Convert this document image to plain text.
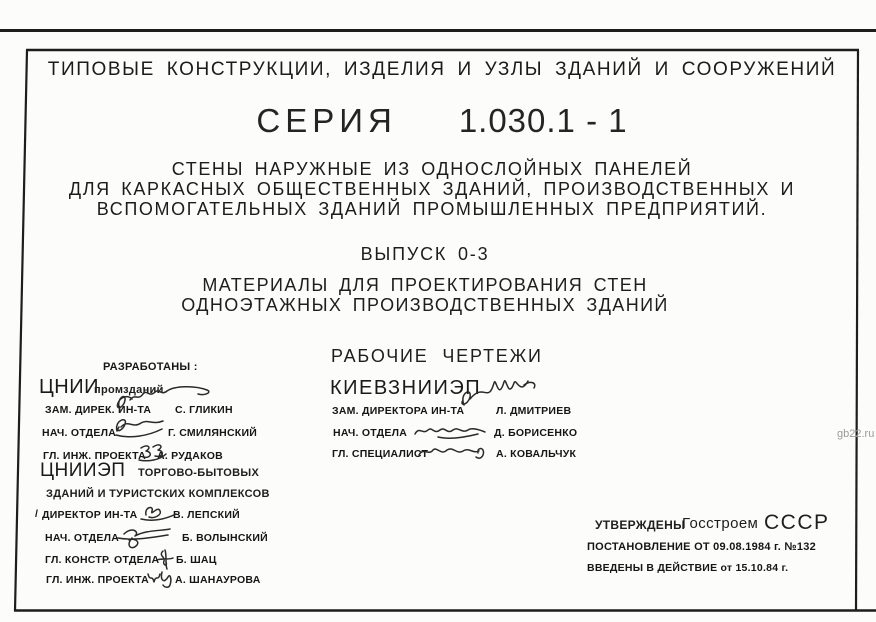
ТИПОВЫЕ КОНСТРУКЦИИ, ИЗДЕЛИЯ И УЗЛЫ ЗДАНИЙ И СООРУЖЕНИЙ
СЕРИЯ 1.030.1 - 1
СТЕНЫ НАРУЖНЫЕ ИЗ ОДНОСЛОЙНЫХ ПАНЕЛЕЙ
ДЛЯ КАРКАСНЫХ ОБЩЕСТВЕННЫХ ЗДАНИЙ, ПРОИЗВОДСТВЕННЫХ И
ВСПОМОГАТЕЛЬНЫХ ЗДАНИЙ ПРОМЫШЛЕННЫХ ПРЕДПРИЯТИЙ.
ВЫПУСК 0-3
МАТЕРИАЛЫ ДЛЯ ПРОЕКТИРОВАНИЯ СТЕН
ОДНОЭТАЖНЫХ ПРОИЗВОДСТВЕННЫХ ЗДАНИЙ
РАЗРАБОТАНЫ :
ЦНИИ
промзданий
ЗАМ. ДИРЕК. ИН-ТА С. ГЛИКИН
НАЧ. ОТДЕЛА	Г. СМИЛЯНСКИЙ
ГЛ. ИНЖ. ПРОЕКТА А. РУДАКОВ
ЦНИИЭП ТОРГОВО-БЫТОВЫХ
ЗДАНИЙ И ТУРИСТСКИХ КОМПЛЕКСОВ
/ ДИРЕКТОР ИН-ТА	В. ЛЕПСКИЙ
НАЧ. ОТДЕЛА	Б. ВОЛЫНСКИЙ
ГЛ. КОНСТР. ОТДЕЛА Б. ШАЦ
ГЛ. ИНЖ. ПРОЕКТА А. ШАНАУРОВА
РАБОЧИЕ ЧЕРТЕЖИ
КИЕВЗНИИЭП
ЗАМ. ДИРЕКТОРА ИН-ТА	Л. ДМИТРИЕВ
НАЧ. ОТДЕЛА	Д. БОРИСЕНКО
ГЛ. СПЕЦИАЛИСТ	А. КОВАЛЬЧУК
УТВЕРЖДЕНЫ
Госстроем СССР
ПОСТАНОВЛЕНИЕ ОТ 09.08.1984 г. №132
ВВЕДЕНЫ В ДЕЙСТВИЕ от 15.10.84 г.
gb22.ru
